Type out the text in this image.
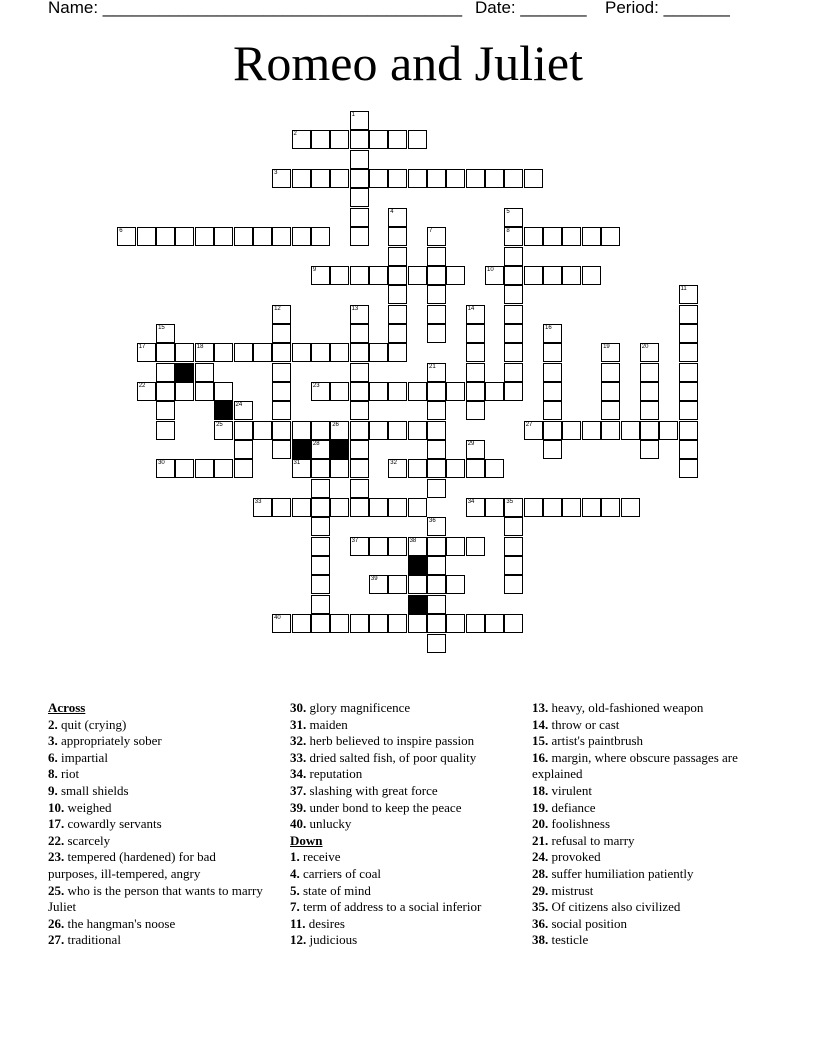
Name: ______________________________________ Date: _______ Period: _______
Romeo and Juliet
2
3
6	8
9	10
17	18
22	23
25	26	27
30	31	32
33	34	35
37	38
39
40
1
4	5
7
11
12	13	14
15	16
19	20
21
24
28	29
36
Across
2. quit (crying)
3. appropriately sober
6. impartial
8. riot
9. small shields
10. weighed
17. cowardly servants
22. scarcely
23. tempered (hardened) for bad purposes, ill-tempered, angry
25. who is the person that wants to marry Juliet
26. the hangman's noose
27. traditional
30. glory magnificence
31. maiden
32. herb believed to inspire passion
33. dried salted fish, of poor quality
34. reputation
37. slashing with great force
39. under bond to keep the peace
40. unlucky
Down
1. receive
4. carriers of coal
5. state of mind
7. term of address to a social inferior
11. desires
12. judicious
13. heavy, old-fashioned weapon
14. throw or cast
15. artist's paintbrush
16. margin, where obscure passages are explained
18. virulent
19. defiance
20. foolishness
21. refusal to marry
24. provoked
28. suffer humiliation patiently
29. mistrust
35. Of citizens also civilized
36. social position
38. testicle
